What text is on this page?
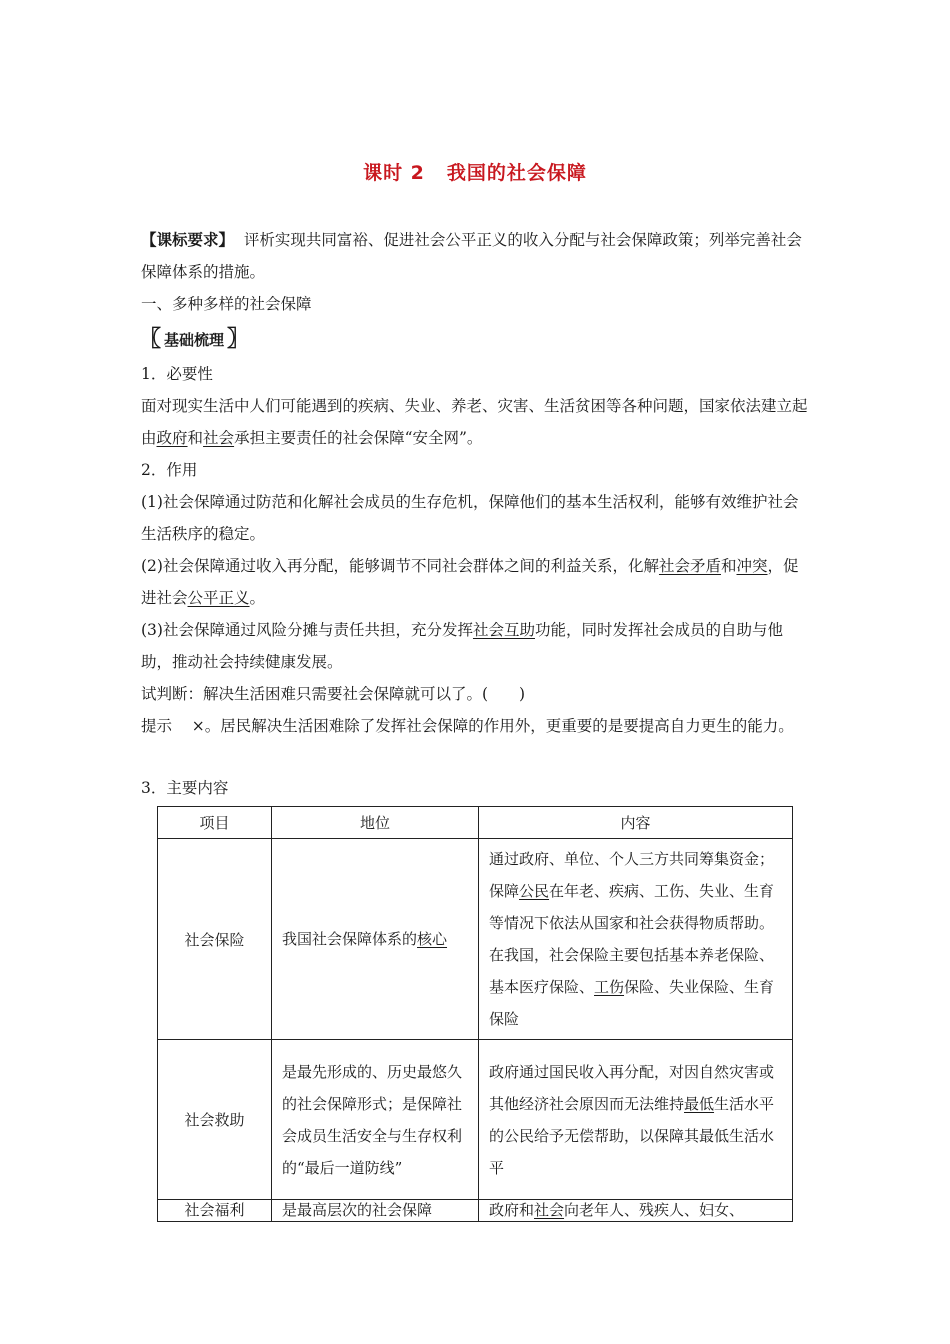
课时 2 我国的社会保障
【课标要求】 评析实现共同富裕、促进社会公平正义的收入分配与社会保障政策；列举完善社会保障体系的措施。
一、多种多样的社会保障
〖 基础梳理 〗
1．必要性
面对现实生活中人们可能遇到的疾病、失业、养老、灾害、生活贫困等各种问题，国家依法建立起由政府和社会承担主要责任的社会保障“安全网”。
2．作用
(1)社会保障通过防范和化解社会成员的生存危机，保障他们的基本生活权利，能够有效维护社会生活秩序的稳定。
(2)社会保障通过收入再分配，能够调节不同社会群体之间的利益关系，化解社会矛盾和冲突，促进社会公平正义。
(3)社会保障通过风险分摊与责任共担，充分发挥社会互助功能，同时发挥社会成员的自助与他助，推动社会持续健康发展。
试判断：解决生活困难只需要社会保障就可以了。(　　)
提示 ×。居民解决生活困难除了发挥社会保障的作用外，更重要的是要提高自力更生的能力。
3．主要内容
项目	地位	内容
社会保险	我国社会保障体系的核心	通过政府、单位、个人三方共同筹集资金；保障公民在年老、疾病、工伤、失业、生育等情况下依法从国家和社会获得物质帮助。在我国，社会保险主要包括基本养老保险、基本医疗保险、工伤保险、失业保险、生育保险

社会救助	是最先形成的、历史最悠久的社会保障形式；是保障社会成员生活安全与生存权利的“最后一道防线”	政府通过国民收入再分配，对因自然灾害或其他经济社会原因而无法维持最低生活水平的公民给予无偿帮助，以保障其最低生活水平

社会福利	是最高层次的社会保障	政府和社会向老年人、残疾人、妇女、
